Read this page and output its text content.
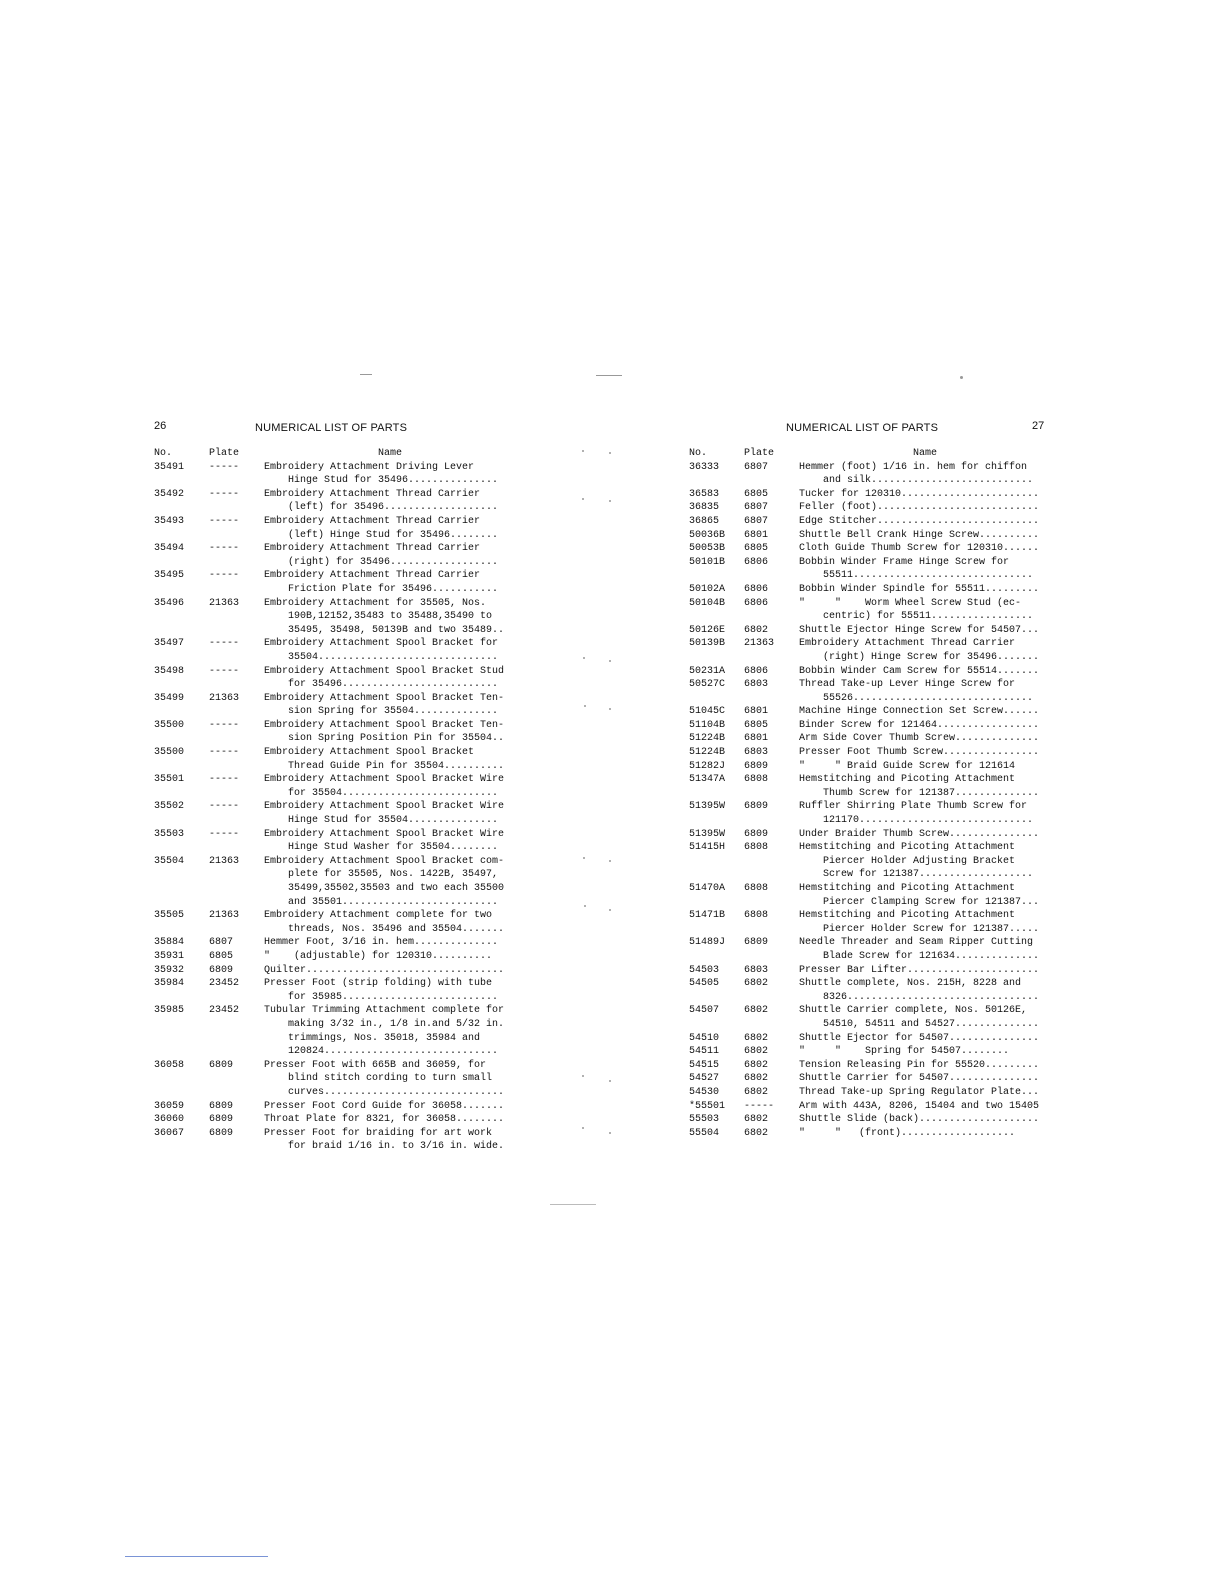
26	NUMERICAL LIST OF PARTS
No.	Plate	Name
35491	-----	Embroidery Attachment Driving Lever
Hinge Stud for 35496...............
35492	-----	Embroidery Attachment Thread Carrier
(left) for 35496...................
35493	-----	Embroidery Attachment Thread Carrier
(left) Hinge Stud for 35496........
35494	-----	Embroidery Attachment Thread Carrier
(right) for 35496..................
35495	-----	Embroidery Attachment Thread Carrier
Friction Plate for 35496...........
35496	21363	Embroidery Attachment for 35505, Nos.
190B,12152,35483 to 35488,35490 to
35495, 35498, 50139B and two 35489..
35497	-----	Embroidery Attachment Spool Bracket for
35504..............................
35498	-----	Embroidery Attachment Spool Bracket Stud
for 35496..........................
35499	21363	Embroidery Attachment Spool Bracket Ten-
sion Spring for 35504..............
35500	-----	Embroidery Attachment Spool Bracket Ten-
sion Spring Position Pin for 35504..
35500	-----	Embroidery Attachment Spool Bracket
Thread Guide Pin for 35504..........
35501	-----	Embroidery Attachment Spool Bracket Wire
for 35504..........................
35502	-----	Embroidery Attachment Spool Bracket Wire
Hinge Stud for 35504...............
35503	-----	Embroidery Attachment Spool Bracket Wire
Hinge Stud Washer for 35504........
35504	21363	Embroidery Attachment Spool Bracket com-
plete for 35505, Nos. 1422B, 35497,
35499,35502,35503 and two each 35500
and 35501..........................
35505	21363	Embroidery Attachment complete for two
threads, Nos. 35496 and 35504.......
35884	6807	Hemmer Foot, 3/16 in. hem..............
35931	6805	"    (adjustable) for 120310..........
35932	6809	Quilter.................................
35984	23452	Presser Foot (strip folding) with tube
for 35985..........................
35985	23452	Tubular Trimming Attachment complete for
making 3/32 in., 1/8 in.and 5/32 in.
trimmings, Nos. 35018, 35984 and
120824.............................
36058	6809	Presser Foot with 665B and 36059, for
blind stitch cording to turn small
curves..............................
36059	6809	Presser Foot Cord Guide for 36058.......
36060	6809	Throat Plate for 8321, for 36058........
36067	6809	Presser Foot for braiding for art work
for braid 1/16 in. to 3/16 in. wide.
NUMERICAL LIST OF PARTS	27
No.	Plate	Name
36333	6807	Hemmer (foot) 1/16 in. hem for chiffon
and silk...........................
36583	6805	Tucker for 120310.......................
36835	6807	Feller (foot)...........................
36865	6807	Edge Stitcher...........................
50036B	6801	Shuttle Bell Crank Hinge Screw..........
50053B	6805	Cloth Guide Thumb Screw for 120310......
50101B	6806	Bobbin Winder Frame Hinge Screw for
55511..............................
50102A	6806	Bobbin Winder Spindle for 55511.........
50104B	6806	"     "    Worm Wheel Screw Stud (ec-
centric) for 55511.................
50126E	6802	Shuttle Ejector Hinge Screw for 54507...
50139B	21363	Embroidery Attachment Thread Carrier
(right) Hinge Screw for 35496.......
50231A	6806	Bobbin Winder Cam Screw for 55514.......
50527C	6803	Thread Take-up Lever Hinge Screw for
55526..............................
51045C	6801	Machine Hinge Connection Set Screw......
51104B	6805	Binder Screw for 121464.................
51224B	6801	Arm Side Cover Thumb Screw..............
51224B	6803	Presser Foot Thumb Screw................
51282J	6809	"     " Braid Guide Screw for 121614
51347A	6808	Hemstitching and Picoting Attachment
Thumb Screw for 121387..............
51395W	6809	Ruffler Shirring Plate Thumb Screw for
121170.............................
51395W	6809	Under Braider Thumb Screw...............
51415H	6808	Hemstitching and Picoting Attachment
Piercer Holder Adjusting Bracket
Screw for 121387...................
51470A	6808	Hemstitching and Picoting Attachment
Piercer Clamping Screw for 121387...
51471B	6808	Hemstitching and Picoting Attachment
Piercer Holder Screw for 121387.....
51489J	6809	Needle Threader and Seam Ripper Cutting
Blade Screw for 121634..............
54503	6803	Presser Bar Lifter......................
54505	6802	Shuttle complete, Nos. 215H, 8228 and
8326................................
54507	6802	Shuttle Carrier complete, Nos. 50126E,
54510, 54511 and 54527..............
54510	6802	Shuttle Ejector for 54507...............
54511	6802	"     "    Spring for 54507........
54515	6802	Tension Releasing Pin for 55520.........
54527	6802	Shuttle Carrier for 54507...............
54530	6802	Thread Take-up Spring Regulator Plate...
*55501	-----	Arm with 443A, 8206, 15404 and two 15405
55503	6802	Shuttle Slide (back)....................
55504	6802	"     "   (front)...................
